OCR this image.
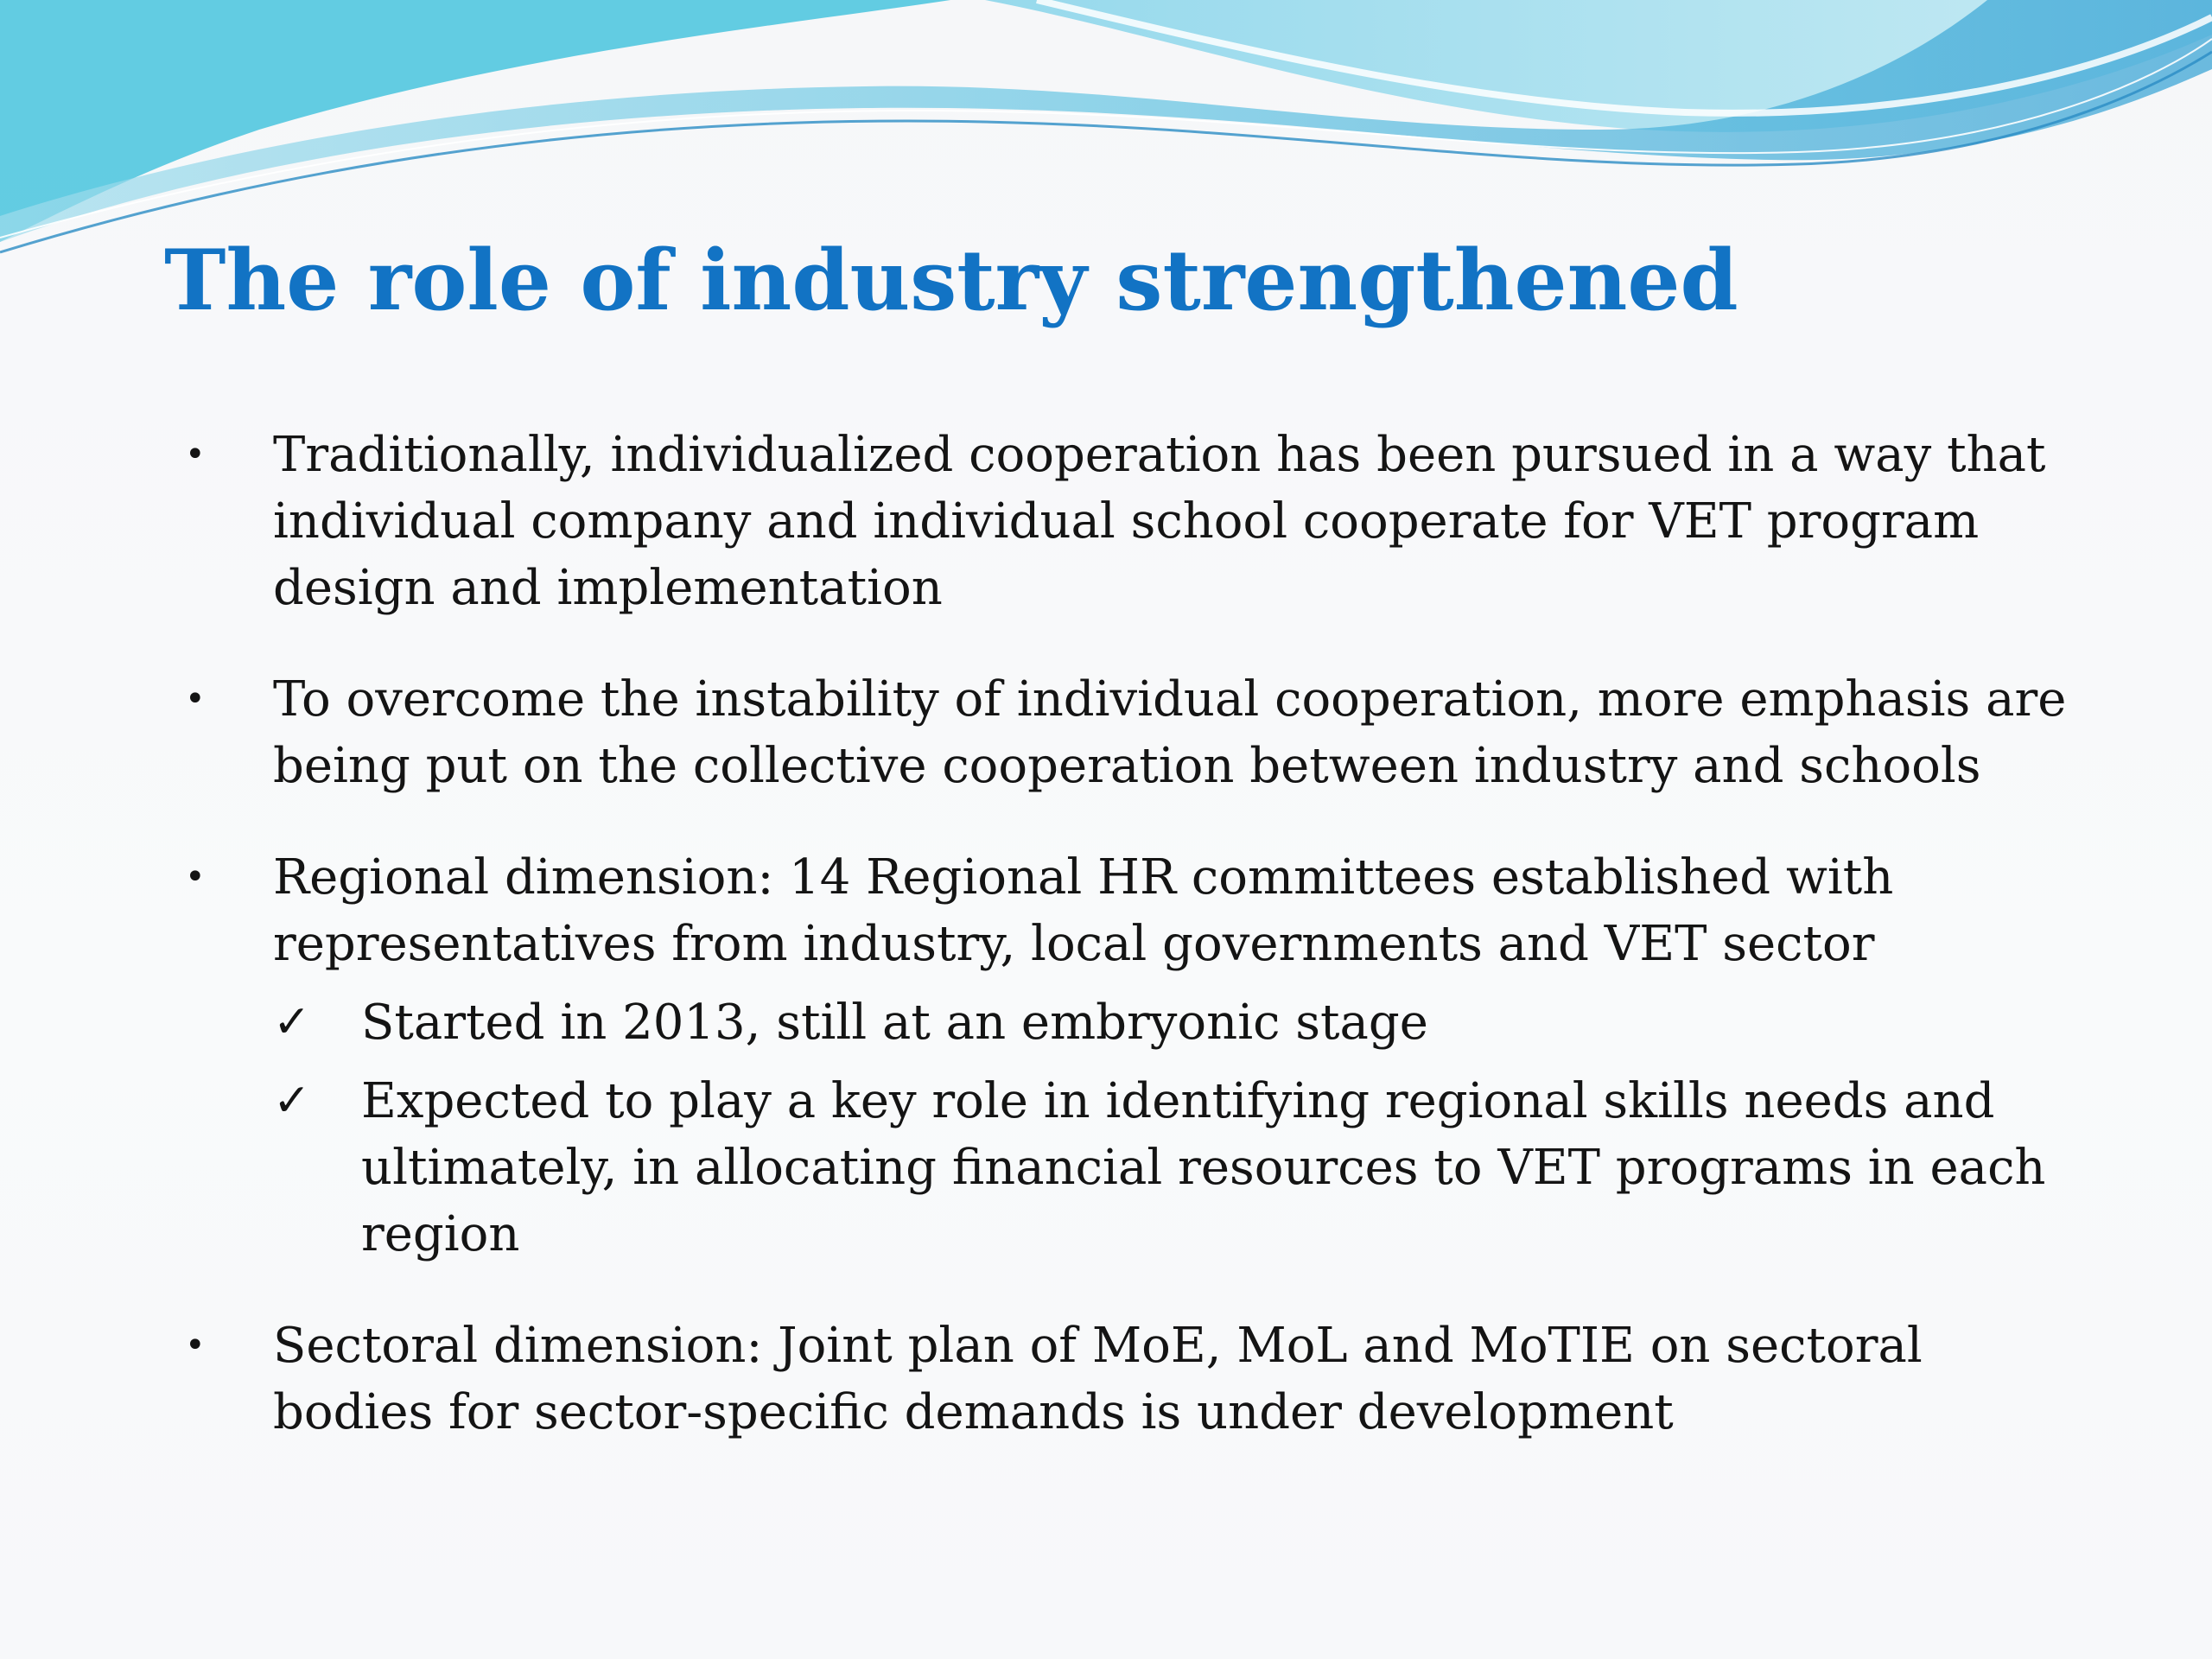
The role of industry strengthened
• Traditionally, individualized cooperation has been pursued in a way that individual company and individual school cooperate for VET program design and implementation
• To overcome the instability of individual cooperation, more emphasis are being put on the collective cooperation between industry and schools
• Regional dimension: 14 Regional HR committees established with representatives from industry, local governments and VET sector
✓ Started in 2013, still at an embryonic stage
✓ Expected to play a key role in identifying regional skills needs and ultimately, in allocating financial resources to VET programs in each region
• Sectoral dimension: Joint plan of MoE, MoL and MoTIE on sectoral bodies for sector-specific demands is under development
